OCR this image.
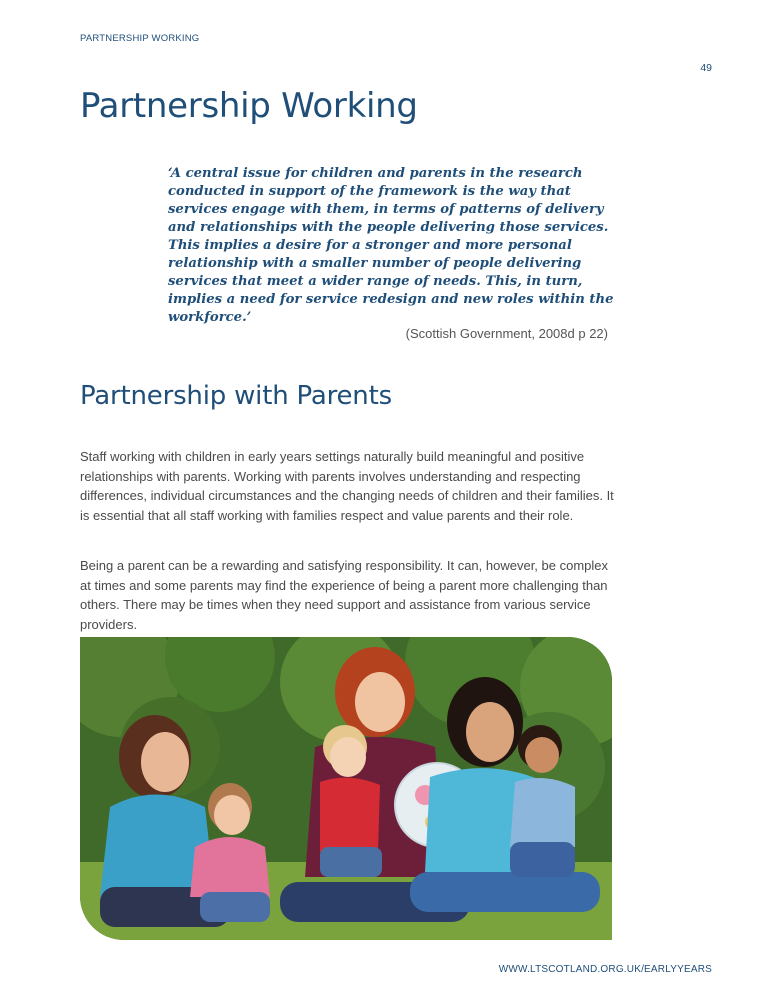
PARTNERSHIP WORKING
49
Partnership Working

‘A central issue for children and parents in the research conducted in support of the framework is the way that services engage with them, in terms of patterns of delivery and relationships with the people delivering those services. This implies a desire for a stronger and more personal relationship with a smaller number of people delivering services that meet a wider range of needs. This, in turn, implies a need for service redesign and new roles within the workforce.’

(Scottish Government, 2008d p 22)
Partnership with Parents

Staff working with children in early years settings naturally build meaningful and positive relationships with parents. Working with parents involves understanding and respecting differences, individual circumstances and the changing needs of children and their families. It is essential that all staff working with families respect and value parents and their role.

Being a parent can be a rewarding and satisfying responsibility. It can, however, be complex at times and some parents may find the experience of being a parent more challenging than others. There may be times when they need support and assistance from various service providers.

WWW.LTSCOTLAND.ORG.UK/EARLYYEARS
